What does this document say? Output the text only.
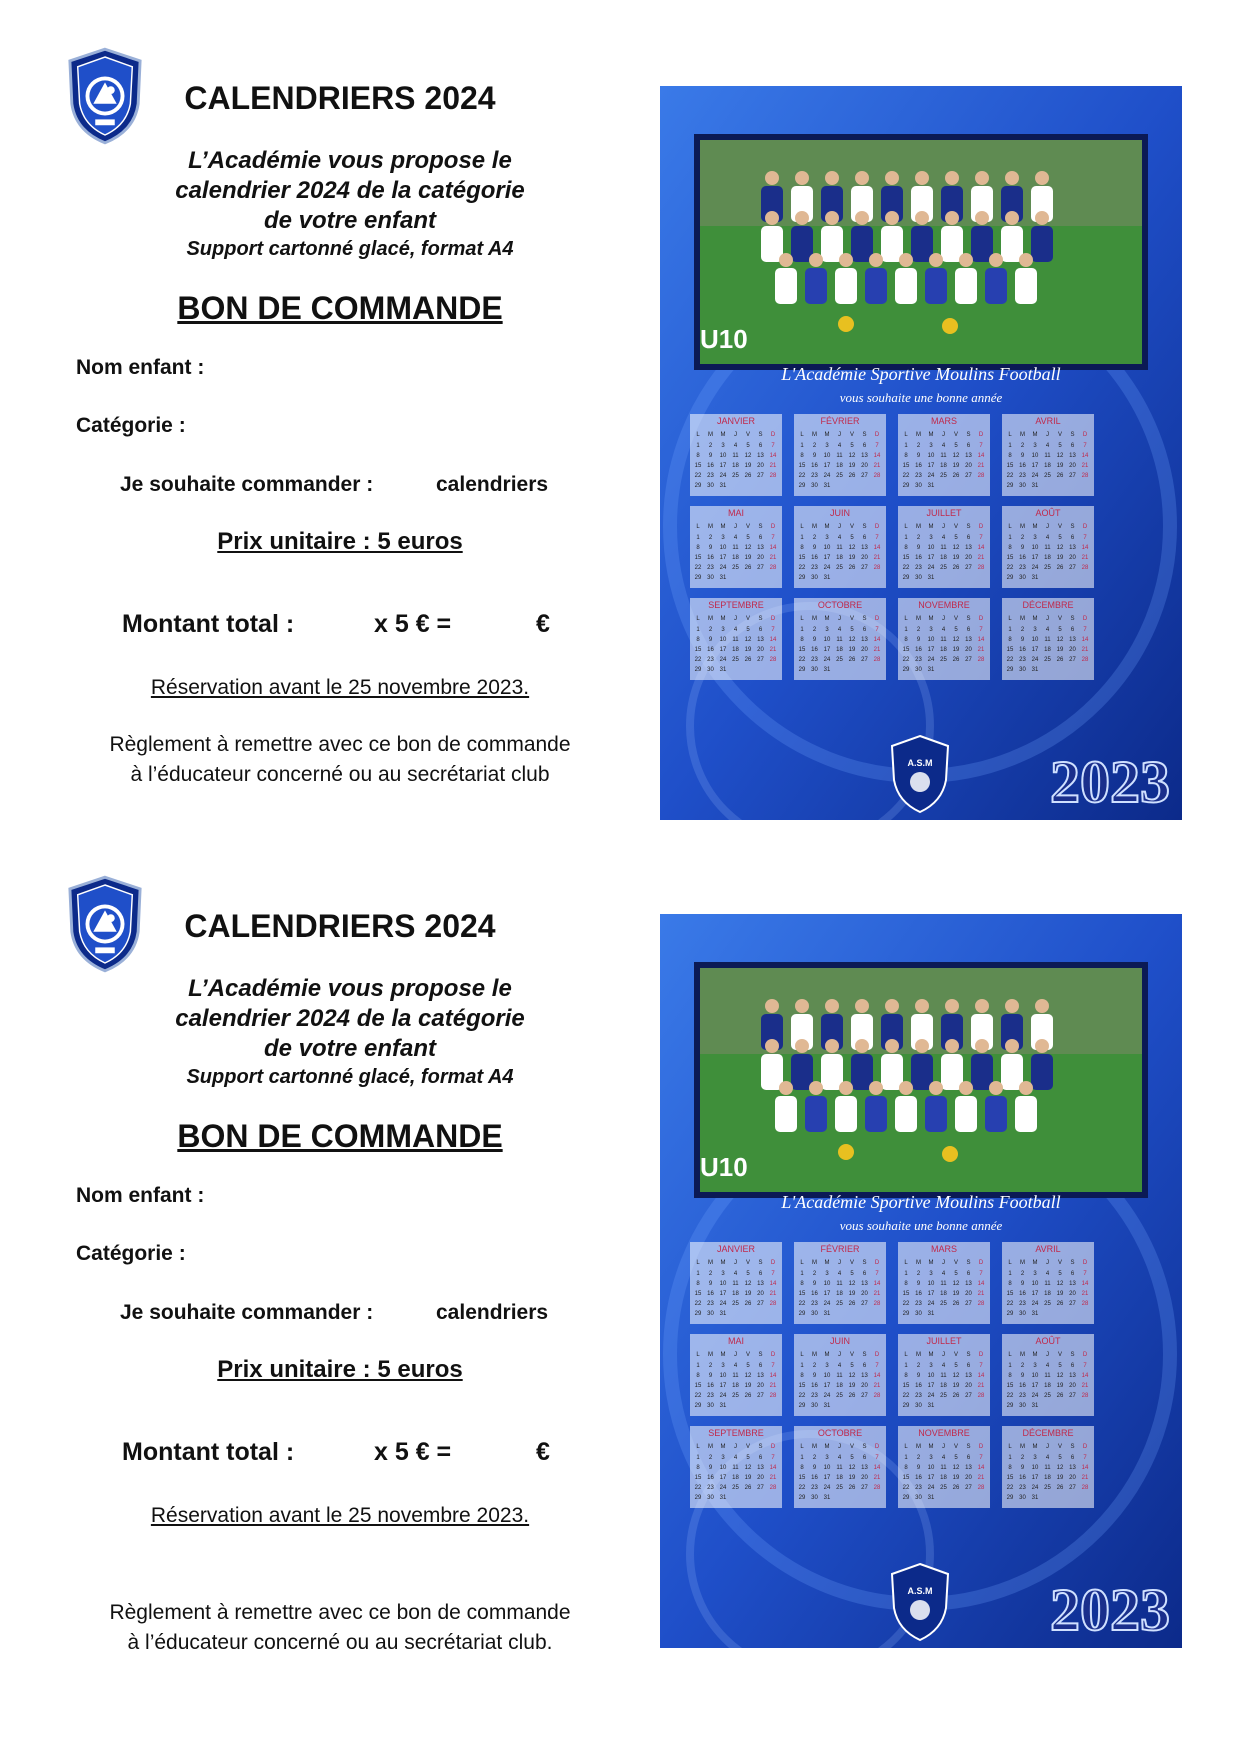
CALENDRIERS 2024
L’Académie vous propose le
calendrier 2024 de la catégorie
de votre enfant
Support cartonné glacé, format A4
BON DE COMMANDE
Nom enfant :
Catégorie :
Je souhaite commander :	calendriers
Prix unitaire : 5 euros
Montant total :	x 5 € =	€
Réservation avant le 25 novembre 2023.
Règlement à remettre avec ce bon de commande
à l’éducateur concerné ou au secrétariat club
U10
L'Académie Sportive Moulins Football
vous souhaite une bonne année
JANVIER
L M M J V S D
1 2 3 4 5 6 7
8 9 10 11 12 13 14
15 16 17 18 19 20 21
22 23 24 25 26 27 28
29 30 31
FÉVRIER
L M M J V S D
1 2 3 4 5 6 7
8 9 10 11 12 13 14
15 16 17 18 19 20 21
22 23 24 25 26 27 28
29 30 31
MARS
L M M J V S D
1 2 3 4 5 6 7
8 9 10 11 12 13 14
15 16 17 18 19 20 21
22 23 24 25 26 27 28
29 30 31
AVRIL
L M M J V S D
1 2 3 4 5 6 7
8 9 10 11 12 13 14
15 16 17 18 19 20 21
22 23 24 25 26 27 28
29 30 31
MAI
L M M J V S D
1 2 3 4 5 6 7
8 9 10 11 12 13 14
15 16 17 18 19 20 21
22 23 24 25 26 27 28
29 30 31
JUIN
L M M J V S D
1 2 3 4 5 6 7
8 9 10 11 12 13 14
15 16 17 18 19 20 21
22 23 24 25 26 27 28
29 30 31
JUILLET
L M M J V S D
1 2 3 4 5 6 7
8 9 10 11 12 13 14
15 16 17 18 19 20 21
22 23 24 25 26 27 28
29 30 31
AOÛT
L M M J V S D
1 2 3 4 5 6 7
8 9 10 11 12 13 14
15 16 17 18 19 20 21
22 23 24 25 26 27 28
29 30 31
SEPTEMBRE
L M M J V S D
1 2 3 4 5 6 7
8 9 10 11 12 13 14
15 16 17 18 19 20 21
22 23 24 25 26 27 28
29 30 31
OCTOBRE
L M M J V S D
1 2 3 4 5 6 7
8 9 10 11 12 13 14
15 16 17 18 19 20 21
22 23 24 25 26 27 28
29 30 31
NOVEMBRE
L M M J V S D
1 2 3 4 5 6 7
8 9 10 11 12 13 14
15 16 17 18 19 20 21
22 23 24 25 26 27 28
29 30 31
DÉCEMBRE
L M M J V S D
1 2 3 4 5 6 7
8 9 10 11 12 13 14
15 16 17 18 19 20 21
22 23 24 25 26 27 28
29 30 31
A.S.M 2023
CALENDRIERS 2024
L’Académie vous propose le
calendrier 2024 de la catégorie
de votre enfant
Support cartonné glacé, format A4
BON DE COMMANDE
Nom enfant :
Catégorie :
Je souhaite commander :	calendriers
Prix unitaire : 5 euros
Montant total :	x 5 € =	€
Réservation avant le 25 novembre 2023.
Règlement à remettre avec ce bon de commande
à l’éducateur concerné ou au secrétariat club.
U10
L'Académie Sportive Moulins Football
vous souhaite une bonne année
JANVIER
L M M J V S D
1 2 3 4 5 6 7
8 9 10 11 12 13 14
15 16 17 18 19 20 21
22 23 24 25 26 27 28
29 30 31
FÉVRIER
L M M J V S D
1 2 3 4 5 6 7
8 9 10 11 12 13 14
15 16 17 18 19 20 21
22 23 24 25 26 27 28
29 30 31
MARS
L M M J V S D
1 2 3 4 5 6 7
8 9 10 11 12 13 14
15 16 17 18 19 20 21
22 23 24 25 26 27 28
29 30 31
AVRIL
L M M J V S D
1 2 3 4 5 6 7
8 9 10 11 12 13 14
15 16 17 18 19 20 21
22 23 24 25 26 27 28
29 30 31
MAI
L M M J V S D
1 2 3 4 5 6 7
8 9 10 11 12 13 14
15 16 17 18 19 20 21
22 23 24 25 26 27 28
29 30 31
JUIN
L M M J V S D
1 2 3 4 5 6 7
8 9 10 11 12 13 14
15 16 17 18 19 20 21
22 23 24 25 26 27 28
29 30 31
JUILLET
L M M J V S D
1 2 3 4 5 6 7
8 9 10 11 12 13 14
15 16 17 18 19 20 21
22 23 24 25 26 27 28
29 30 31
AOÛT
L M M J V S D
1 2 3 4 5 6 7
8 9 10 11 12 13 14
15 16 17 18 19 20 21
22 23 24 25 26 27 28
29 30 31
SEPTEMBRE
L M M J V S D
1 2 3 4 5 6 7
8 9 10 11 12 13 14
15 16 17 18 19 20 21
22 23 24 25 26 27 28
29 30 31
OCTOBRE
L M M J V S D
1 2 3 4 5 6 7
8 9 10 11 12 13 14
15 16 17 18 19 20 21
22 23 24 25 26 27 28
29 30 31
NOVEMBRE
L M M J V S D
1 2 3 4 5 6 7
8 9 10 11 12 13 14
15 16 17 18 19 20 21
22 23 24 25 26 27 28
29 30 31
DÉCEMBRE
L M M J V S D
1 2 3 4 5 6 7
8 9 10 11 12 13 14
15 16 17 18 19 20 21
22 23 24 25 26 27 28
29 30 31
A.S.M 2023
